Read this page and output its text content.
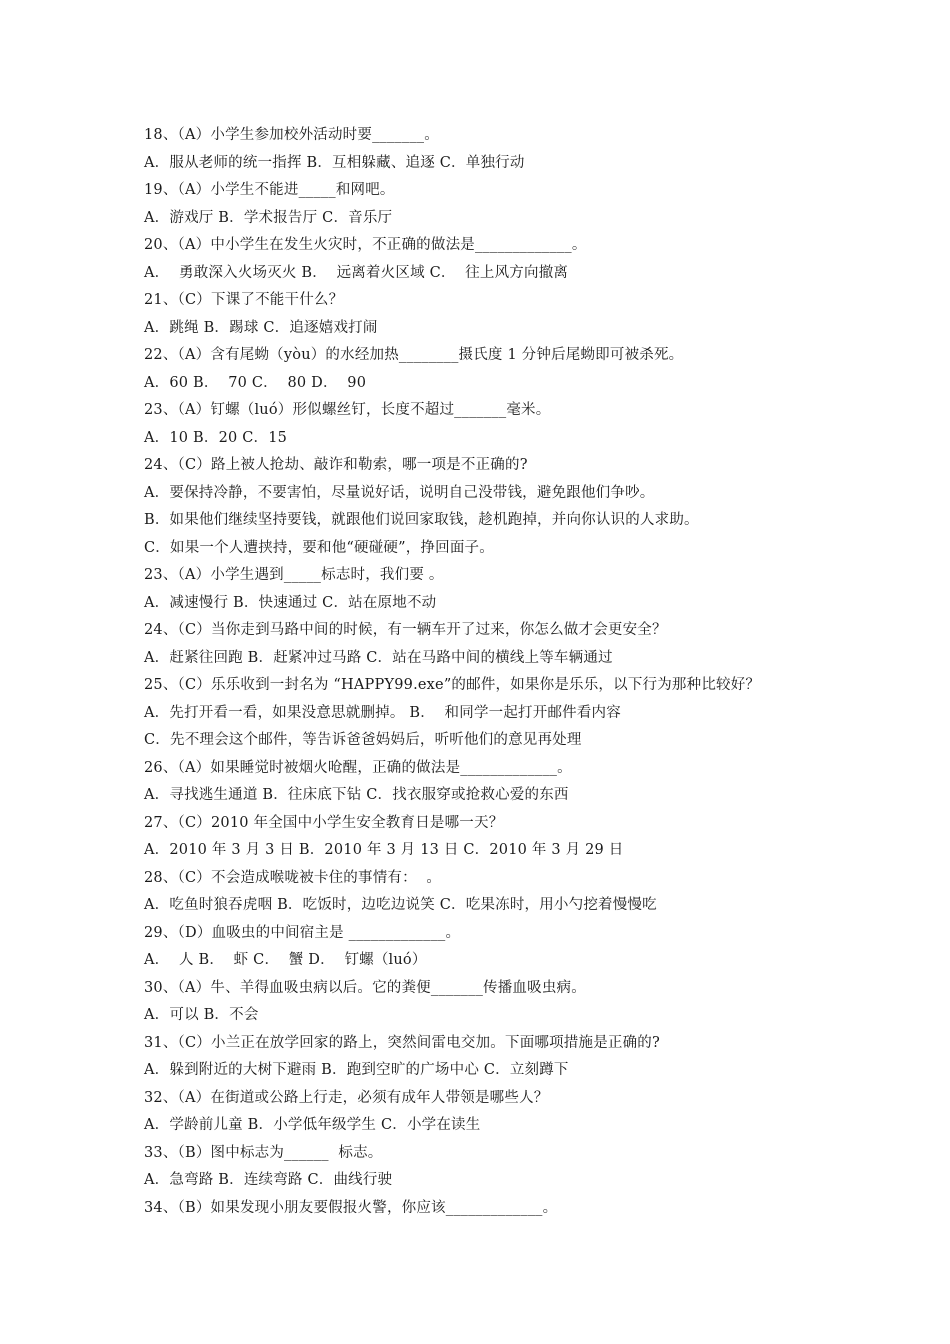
18、（A）小学生参加校外活动时要_______。
A．服从老师的统一指挥 B．互相躲藏、追逐 C．单独行动
19、（A）小学生不能进_____和网吧。
A．游戏厅 B．学术报告厅 C．音乐厅
20、（A）中小学生在发生火灾时，不正确的做法是_____________。
A．  勇敢深入火场灭火 B．  远离着火区域 C．  往上风方向撤离
21、（C）下课了不能干什么？
A．跳绳 B．踢球 C．追逐嬉戏打闹
22、（A）含有尾蚴（yòu）的水经加热________摄氏度 1 分钟后尾蚴即可被杀死。
A．60 B．  70 C．  80 D．  90
23、（A）钉螺（luó）形似螺丝钉，长度不超过_______毫米。
A．10 B．20 C．15
24、（C）路上被人抢劫、敲诈和勒索，哪一项是不正确的?
A．要保持冷静，不要害怕，尽量说好话，说明自己没带钱，避免跟他们争吵。
B．如果他们继续坚持要钱，就跟他们说回家取钱，趁机跑掉，并向你认识的人求助。
C．如果一个人遭挟持，要和他“硬碰硬”，挣回面子。
23、（A）小学生遇到_____标志时，我们要 。
A．减速慢行 B．快速通过 C．站在原地不动
24、（C）当你走到马路中间的时候，有一辆车开了过来，你怎么做才会更安全？
A．赶紧往回跑 B．赶紧冲过马路 C．站在马路中间的横线上等车辆通过
25、（C）乐乐收到一封名为 “HAPPY99.exe”的邮件，如果你是乐乐，以下行为那种比较好？
A．先打开看一看，如果没意思就删掉。 B．  和同学一起打开邮件看内容
C．先不理会这个邮件，等告诉爸爸妈妈后，听听他们的意见再处理
26、（A）如果睡觉时被烟火呛醒，正确的做法是_____________。
A．寻找逃生通道 B．往床底下钻 C．找衣服穿或抢救心爱的东西
27、（C）2010 年全国中小学生安全教育日是哪一天？
A．2010 年 3 月 3 日 B．2010 年 3 月 13 日 C．2010 年 3 月 29 日
28、（C）不会造成喉咙被卡住的事情有：  。
A．吃鱼时狼吞虎咽 B．吃饭时，边吃边说笑 C．吃果冻时，用小勺挖着慢慢吃
29、（D）血吸虫的中间宿主是 _____________。
A．  人 B．  虾 C．  蟹 D．  钉螺（luó）
30、（A）牛、羊得血吸虫病以后。它的粪便_______传播血吸虫病。
A．可以 B．不会
31、（C）小兰正在放学回家的路上，突然间雷电交加。下面哪项措施是正确的?
A．躲到附近的大树下避雨 B．跑到空旷的广场中心 C．立刻蹲下
32、（A）在街道或公路上行走，必须有成年人带领是哪些人？
A．学龄前儿童 B．小学低年级学生 C．小学在读生
33、（B）图中标志为______  标志。
A．急弯路 B．连续弯路 C．曲线行驶
34、（B）如果发现小朋友要假报火警，你应该_____________。
